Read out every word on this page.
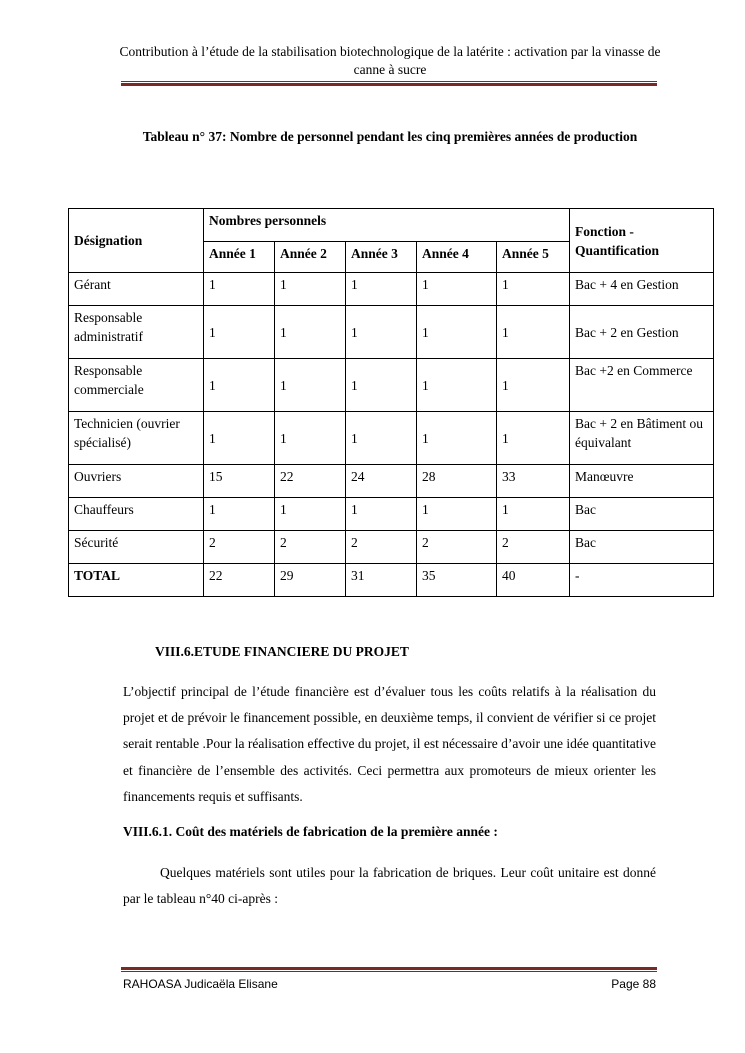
Contribution à l’étude de la stabilisation biotechnologique de la latérite : activation par la vinasse de canne à sucre
Tableau n° 37: Nombre de personnel pendant les cinq premières années de production
Désignation	Nombres personnels					Fonction - Quantification
	Année 1	Année 2	Année 3	Année 4	Année 5	
Gérant	1	1	1	1	1	Bac + 4 en Gestion
Responsable administratif	1	1	1	1	1	Bac + 2 en Gestion
Responsable commerciale	1	1	1	1	1	Bac +2 en Commerce
Technicien (ouvrier spécialisé)	1	1	1	1	1	Bac + 2 en Bâtiment ou équivalant
Ouvriers	15	22	24	28	33	Manœuvre
Chauffeurs	1	1	1	1	1	Bac
Sécurité	2	2	2	2	2	Bac
TOTAL	22	29	31	35	40	-
VIII.6.ETUDE FINANCIERE DU PROJET
L’objectif principal de l’étude financière est d’évaluer tous les coûts relatifs à la réalisation du projet et de prévoir le financement possible, en deuxième temps, il convient de vérifier si ce projet serait rentable .Pour la réalisation effective du projet, il est nécessaire d’avoir une idée quantitative et financière de l’ensemble des activités. Ceci permettra aux promoteurs de mieux orienter les financements requis et suffisants.
VIII.6.1. Coût des matériels de fabrication de la première année :
Quelques matériels sont utiles pour la fabrication de briques. Leur coût unitaire est donné par le tableau n°40 ci-après :
RAHOASA Judicaëla Elisane	Page 88
